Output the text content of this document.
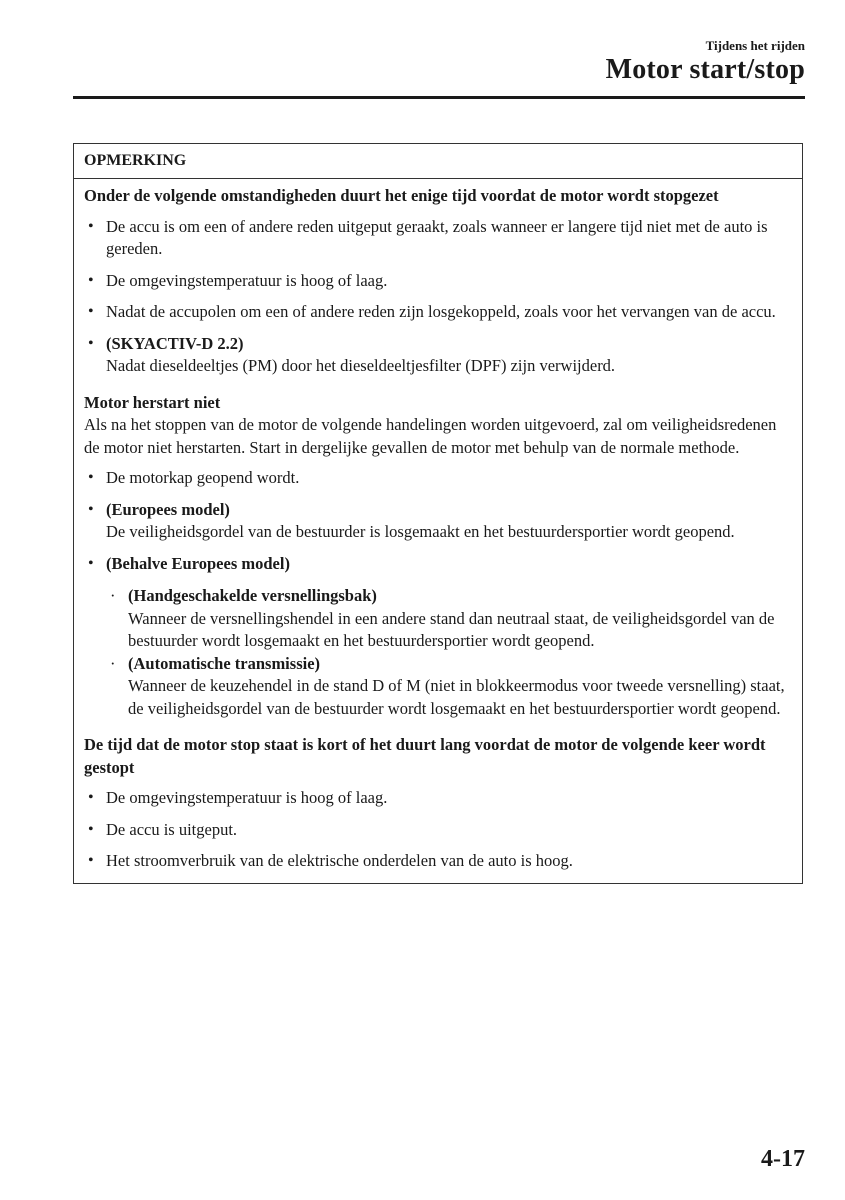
Tijdens het rijden
Motor start/stop
OPMERKING
Onder de volgende omstandigheden duurt het enige tijd voordat de motor wordt stopgezet
• De accu is om een of andere reden uitgeput geraakt, zoals wanneer er langere tijd niet met de auto is gereden.
• De omgevingstemperatuur is hoog of laag.
• Nadat de accupolen om een of andere reden zijn losgekoppeld, zoals voor het vervangen van de accu.
• (SKYACTIV-D 2.2)
Nadat dieseldeeltjes (PM) door het dieseldeeltjesfilter (DPF) zijn verwijderd.
Motor herstart niet

Als na het stoppen van de motor de volgende handelingen worden uitgevoerd, zal om veiligheidsredenen de motor niet herstarten. Start in dergelijke gevallen de motor met behulp van de normale methode.

• De motorkap geopend wordt.
• (Europees model)
De veiligheidsgordel van de bestuurder is losgemaakt en het bestuurdersportier wordt geopend.
• (Behalve Europees model)
· (Handgeschakelde versnellingsbak)
Wanneer de versnellingshendel in een andere stand dan neutraal staat, de veiligheidsgordel van de bestuurder wordt losgemaakt en het bestuurdersportier wordt geopend.
· (Automatische transmissie)
Wanneer de keuzehendel in de stand D of M (niet in blokkeermodus voor tweede versnelling) staat, de veiligheidsgordel van de bestuurder wordt losgemaakt en het bestuurdersportier wordt geopend.
De tijd dat de motor stop staat is kort of het duurt lang voordat de motor de volgende keer wordt gestopt
• De omgevingstemperatuur is hoog of laag.
• De accu is uitgeput.
• Het stroomverbruik van de elektrische onderdelen van de auto is hoog.
4-17
